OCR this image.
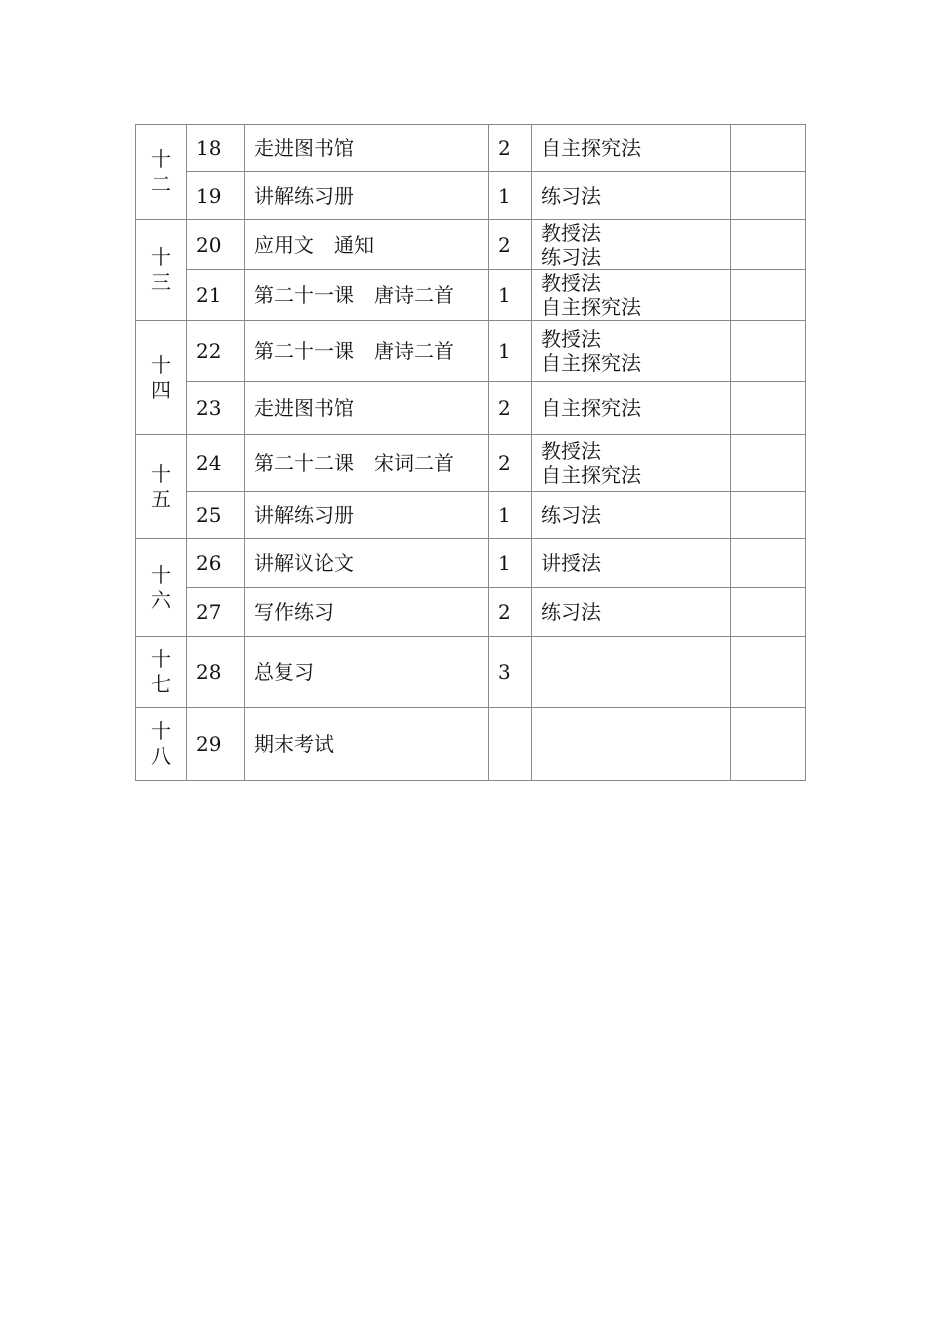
十二	18	走进图书馆	2	自主探究法	
	19	讲解练习册	1	练习法	
十三	20	应用文　通知	2	教授法
练习法	
	21	第二十一课　唐诗二首	1	教授法
自主探究法	
十四	22	第二十一课　唐诗二首	1	教授法
自主探究法	
	23	走进图书馆	2	自主探究法	
十五	24	第二十二课　宋词二首	2	教授法
自主探究法	
	25	讲解练习册	1	练习法	
十六	26	讲解议论文	1	讲授法	
	27	写作练习	2	练习法	
十七	28	总复习	3		
十八	29	期末考试			
